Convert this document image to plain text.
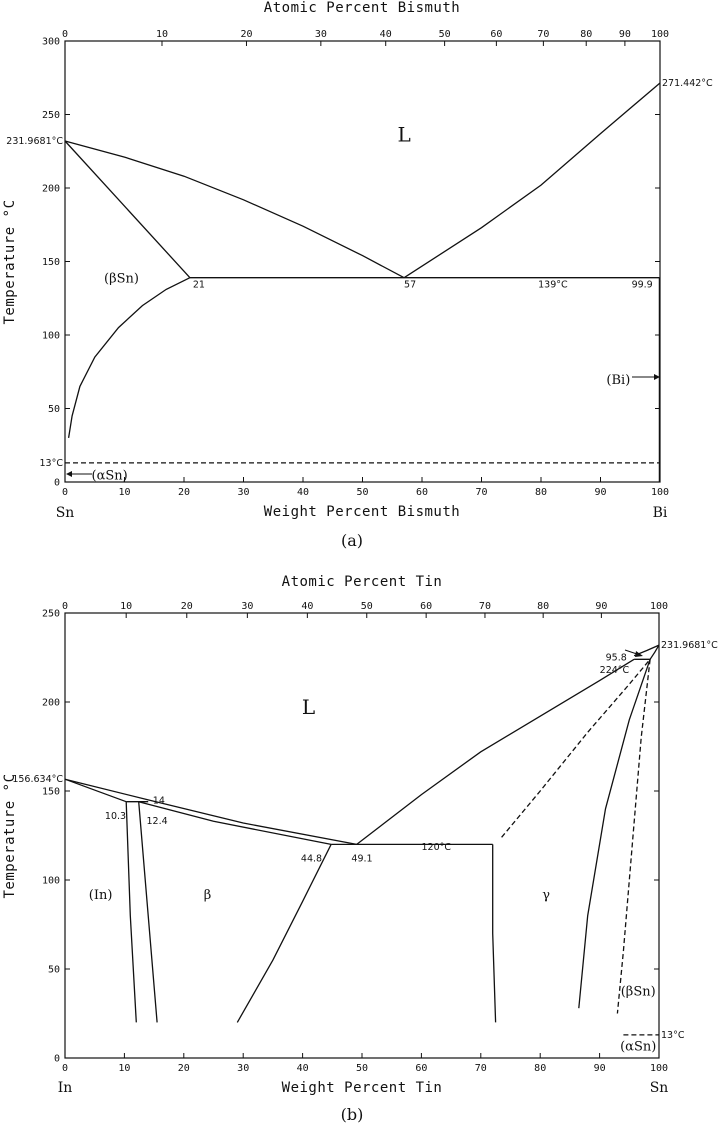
Atomic Percent Bismuth
Weight Percent Bismuth
Temperature °C
Sn	Bi
(a)
0	10	20	30	40	50	60	70	80	90	100
0	10	20	30	40	50	60	70	80	90 100
0
50
100
150
200
250
300
231.9681°C
271.442°C
139°C
21	57	99.9
13°C
L
(βSn)
(Bi)
(αSn)
Atomic Percent Tin
Weight Percent Tin
Temperature °C
In	Sn
(b)
0	10	20	30	40	50	60	70	80	90	100
0	10	20	30	40	50	60	70	80	90	100
0
50
100
150
200
250
156.634°C
231.9681°C
95.8
224°C
14
10.3 12.4
44.8	49.1
120°C
13°C
L
(In)	β	γ
(βSn)
(αSn)
